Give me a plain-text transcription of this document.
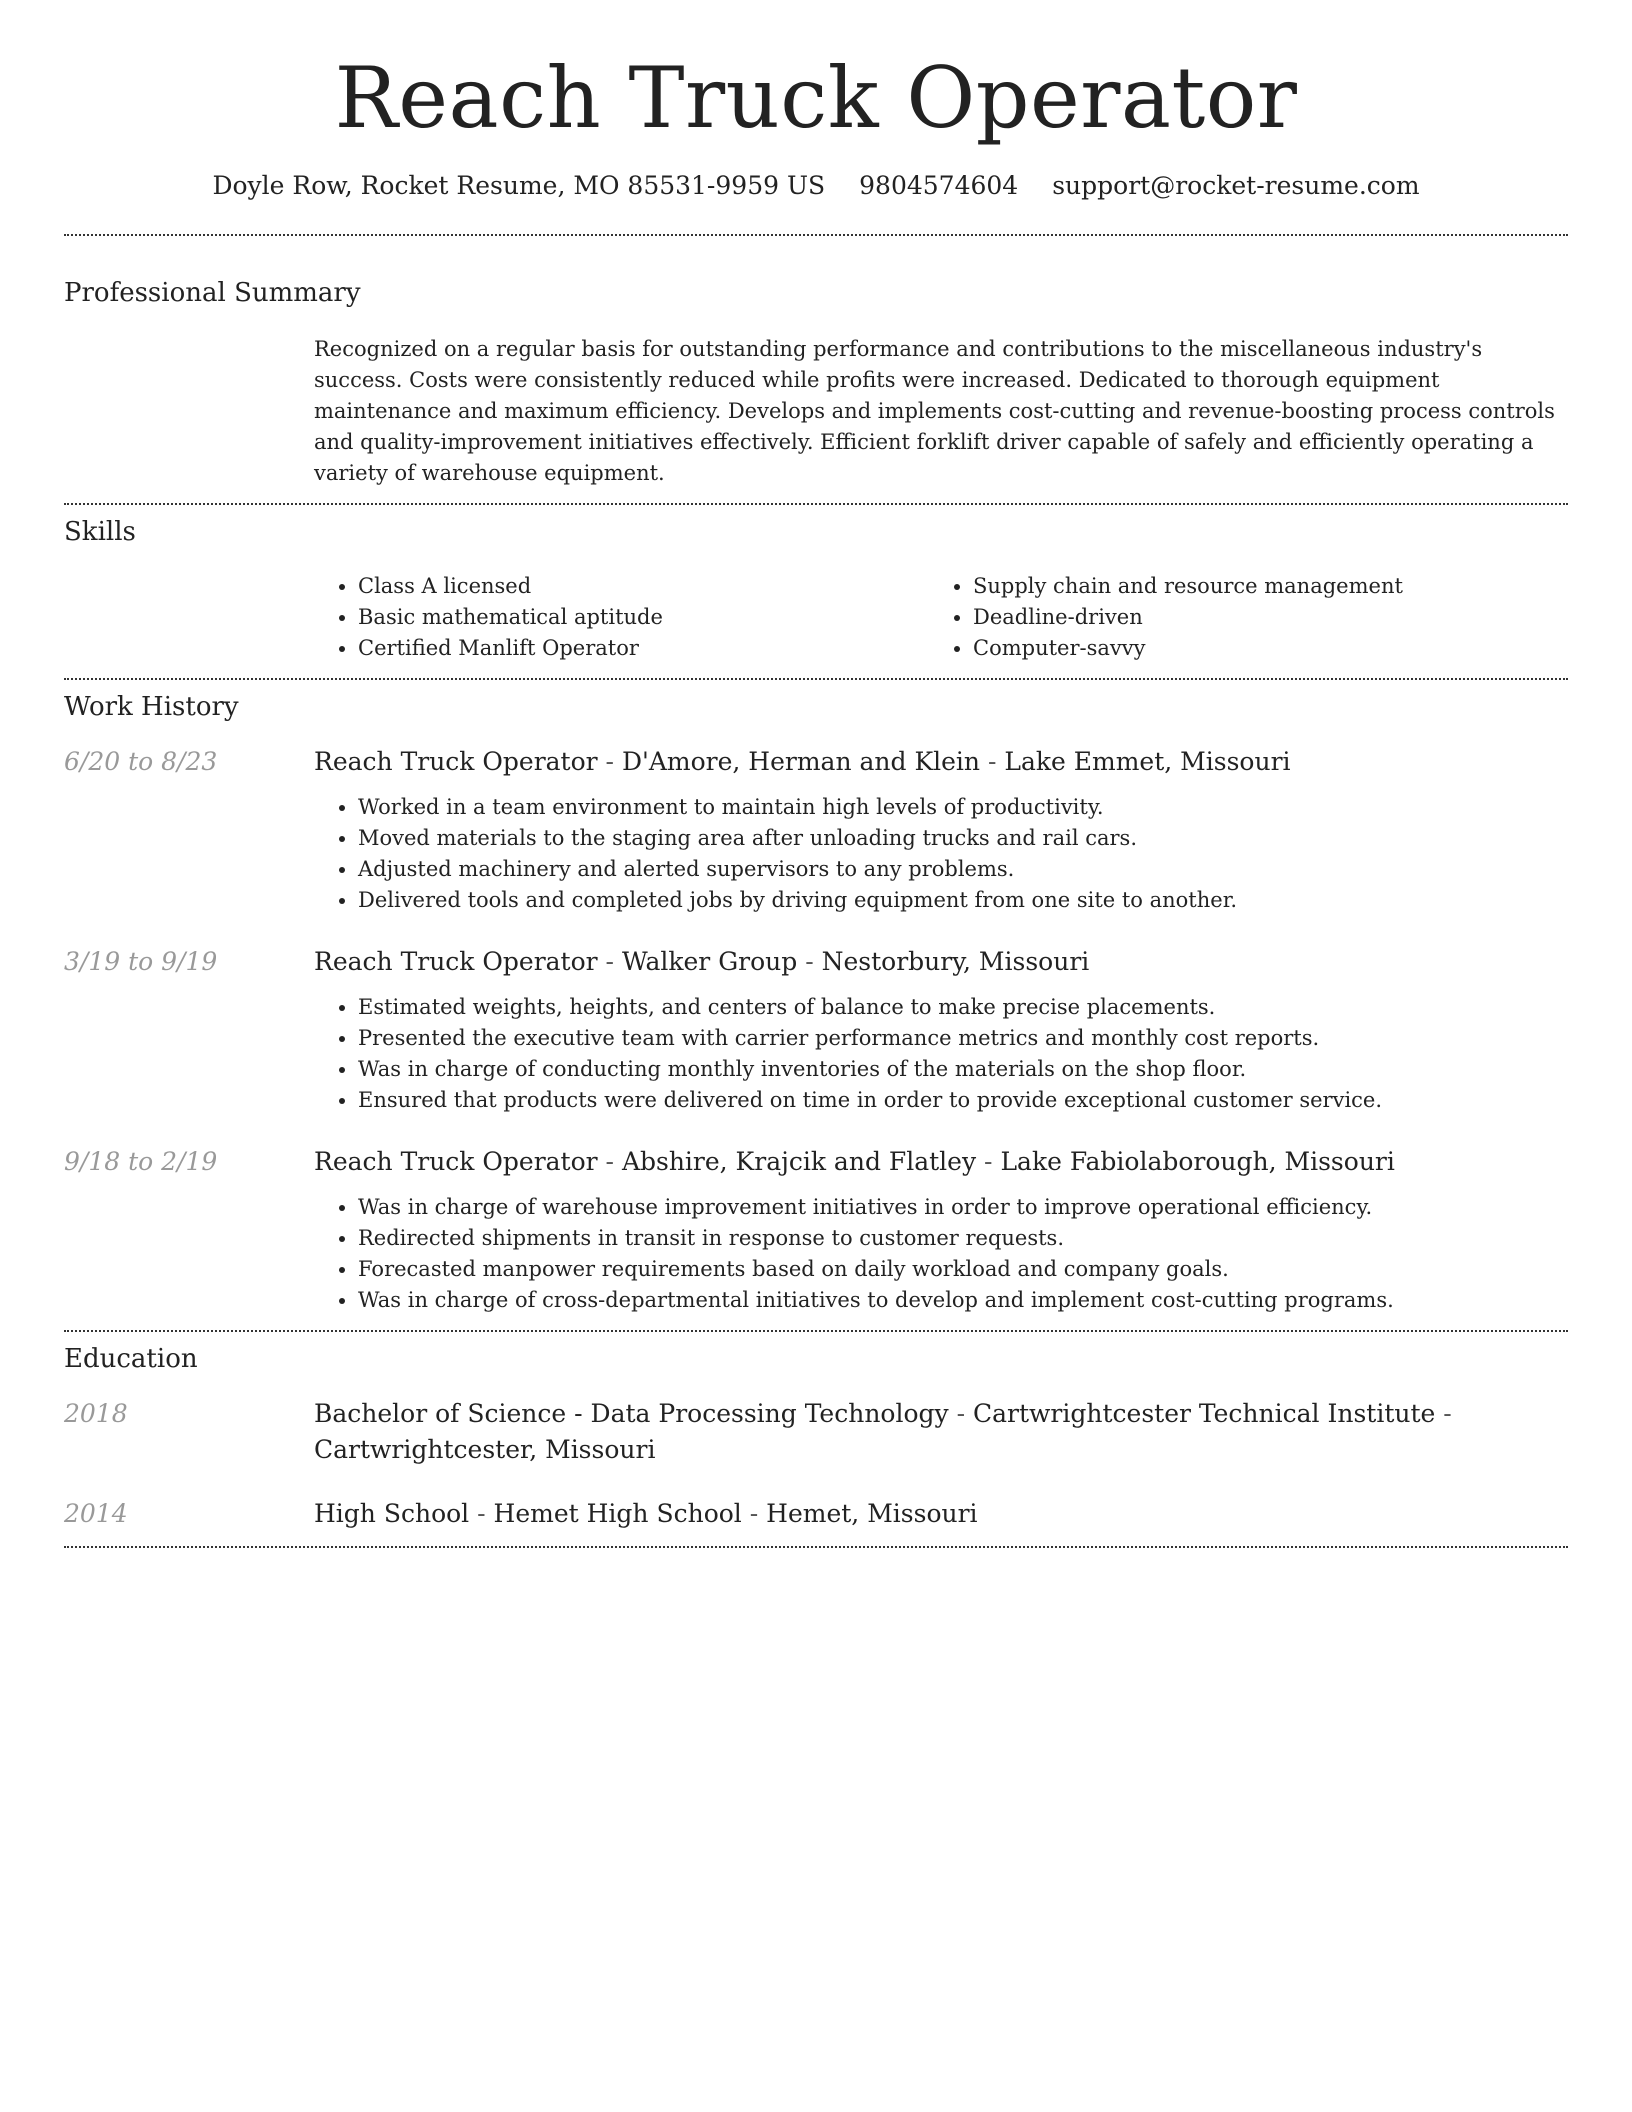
Reach Truck Operator
Doyle Row, Rocket Resume, MO 85531-9959 US 9804574604 support@rocket-resume.com
Professional Summary

Recognized on a regular basis for outstanding performance and contributions to the miscellaneous industry's success. Costs were consistently reduced while profits were increased. Dedicated to thorough equipment maintenance and maximum efficiency. Develops and implements cost-cutting and revenue-boosting process controls and quality-improvement initiatives effectively. Efficient forklift driver capable of safely and efficiently operating a variety of warehouse equipment.

Skills
• Class A licensed
• Basic mathematical aptitude
• Certified Manlift Operator
• Supply chain and resource management
• Deadline-driven
• Computer-savvy
Work History
6/20 to 8/23	Reach Truck Operator - D'Amore, Herman and Klein - Lake Emmet, Missouri
• Worked in a team environment to maintain high levels of productivity.
• Moved materials to the staging area after unloading trucks and rail cars.
• Adjusted machinery and alerted supervisors to any problems.
• Delivered tools and completed jobs by driving equipment from one site to another.
3/19 to 9/19	Reach Truck Operator - Walker Group - Nestorbury, Missouri
• Estimated weights, heights, and centers of balance to make precise placements.
• Presented the executive team with carrier performance metrics and monthly cost reports.
• Was in charge of conducting monthly inventories of the materials on the shop floor.
• Ensured that products were delivered on time in order to provide exceptional customer service.
9/18 to 2/19	Reach Truck Operator - Abshire, Krajcik and Flatley - Lake Fabiolaborough, Missouri
• Was in charge of warehouse improvement initiatives in order to improve operational efficiency.
• Redirected shipments in transit in response to customer requests.
• Forecasted manpower requirements based on daily workload and company goals.
• Was in charge of cross-departmental initiatives to develop and implement cost-cutting programs.
Education
2018	Bachelor of Science - Data Processing Technology - Cartwrightcester Technical Institute - Cartwrightcester, Missouri
2014	High School - Hemet High School - Hemet, Missouri
